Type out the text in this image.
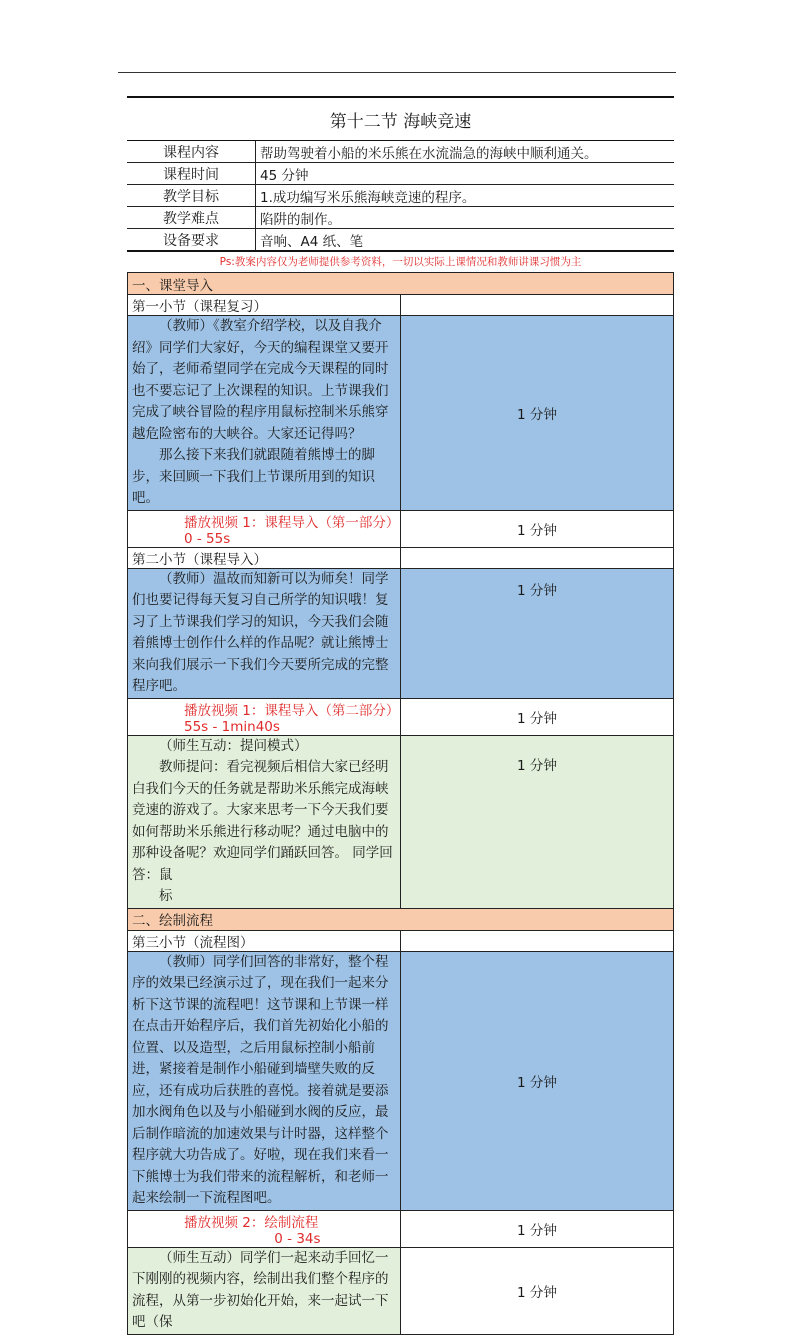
第十二节 海峡竞速
课程内容	帮助驾驶着小船的米乐熊在水流湍急的海峡中顺利通关。
课程时间	45 分钟
教学目标	1.成功编写米乐熊海峡竞速的程序。
教学难点	陷阱的制作。
设备要求	音响、A4 纸、笔
Ps:教案内容仅为老师提供参考资料，一切以实际上课情况和教师讲课习惯为主
一、课堂导入	
第一小节（课程复习）	

（教师）《教室介绍学校，以及自我介绍》同学们大家好，今天的编程课堂又要开始了，老师希望同学在完成今天课程的同时也不要忘记了上次课程的知识。上节课我们完成了峡谷冒险的程序用鼠标控制米乐熊穿越危险密布的大峡谷。大家还记得吗？

那么接下来我们就跟随着熊博士的脚步，来回顾一下我们上节课所用到的知识吧。	1 分钟
播放视频 1：课程导入（第一部分）0 - 55s	1 分钟
第二小节（课程导入）	

（教师）温故而知新可以为师矣！同学们也要记得每天复习自己所学的知识哦！复习了上节课我们学习的知识，今天我们会随着熊博士创作什么样的作品呢？就让熊博士来向我们展示一下我们今天要所完成的完整程序吧。	1 分钟
播放视频 1：课程导入（第二部分）55s - 1min40s	1 分钟

（师生互动：提问模式）

教师提问：看完视频后相信大家已经明白我们今天的任务就是帮助米乐熊完成海峡竞速的游戏了。大家来思考一下今天我们要如何帮助米乐熊进行移动呢？通过电脑中的那种设备呢？欢迎同学们踊跃回答。 同学回答：鼠

标	1 分钟
二、绘制流程	
第三小节（流程图）	

（教师）同学们回答的非常好，整个程序的效果已经演示过了，现在我们一起来分析下这节课的流程吧！这节课和上节课一样在点击开始程序后，我们首先初始化小船的位置、以及造型，之后用鼠标控制小船前进，紧接着是制作小船碰到墙壁失败的反应，还有成功后获胜的喜悦。接着就是要添加水阀角色以及与小船碰到水阀的反应，最后制作暗流的加速效果与计时器，这样整个程序就大功告成了。好啦，现在我们来看一下熊博士为我们带来的流程解析，和老师一起来绘制一下流程图吧。	1 分钟
播放视频 2：绘制流程  0 - 34s	1 分钟

（师生互动）同学们一起来动手回忆一下刚刚的视频内容，绘制出我们整个程序的流程，从第一步初始化开始，来一起试一下吧（保	1 分钟
